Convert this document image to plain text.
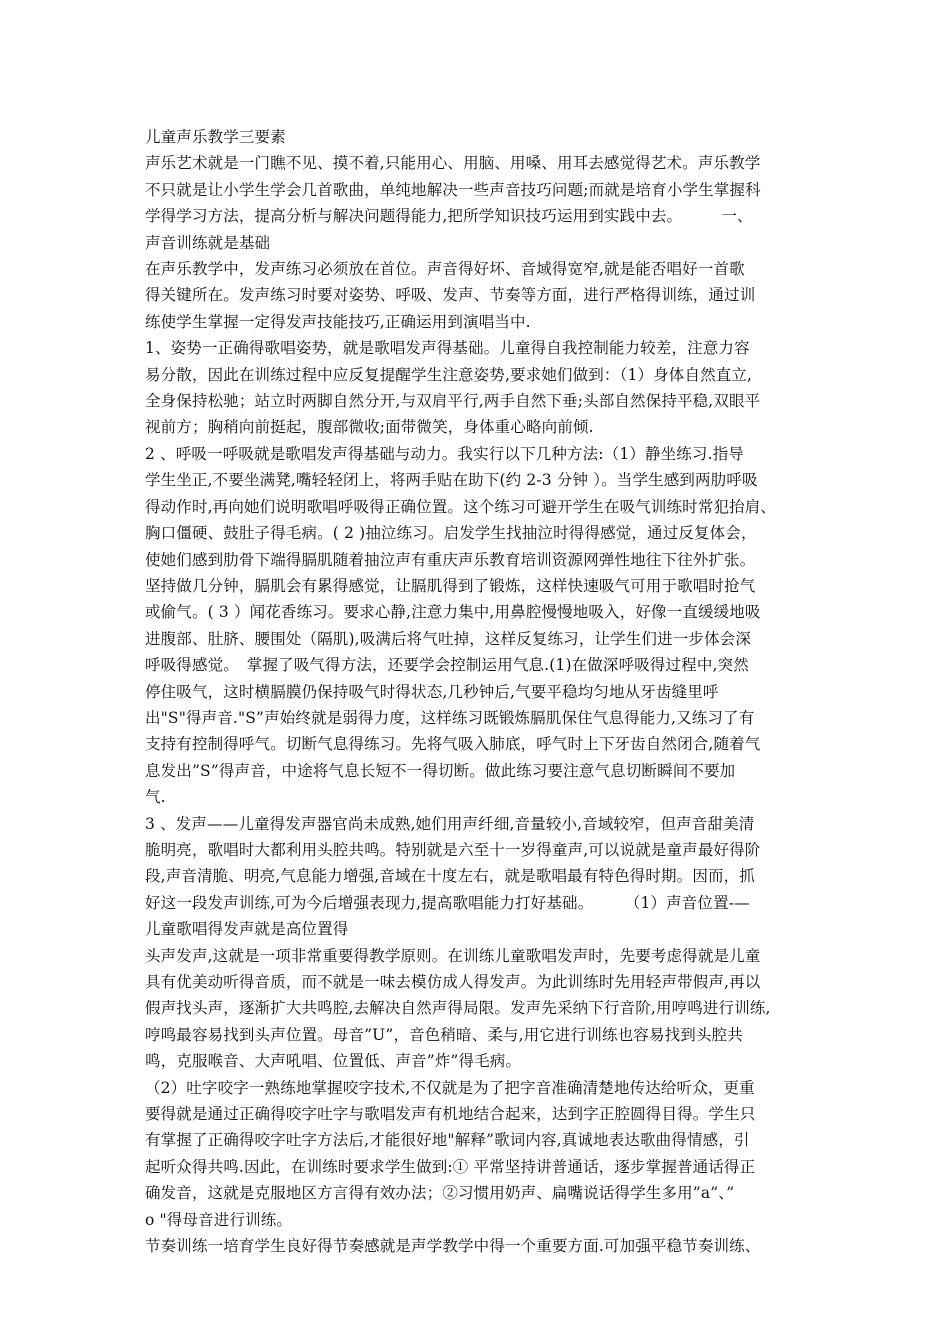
儿童声乐教学三要素
声乐艺术就是一门瞧不见、摸不着,只能用心、用脑、用嗓、用耳去感觉得艺术。声乐教学
不只就是让小学生学会几首歌曲，单纯地解决一些声音技巧问题;而就是培育小学生掌握科
学得学习方法，提高分析与解决问题得能力,把所学知识技巧运用到实践中去。　　　一、
声音训练就是基础
在声乐教学中，发声练习必须放在首位。声音得好坏、音域得宽窄,就是能否唱好一首歌
得关键所在。发声练习时要对姿势、呼吸、发声、节奏等方面，进行严格得训练，通过训
练使学生掌握一定得发声技能技巧,正确运用到演唱当中.
1、姿势一正确得歌唱姿势，就是歌唱发声得基础。儿童得自我控制能力较差，注意力容
易分散，因此在训练过程中应反复提醒学生注意姿势,要求她们做到：（1）身体自然直立,
全身保持松驰；站立时两脚自然分开,与双肩平行,两手自然下垂;头部自然保持平稳,双眼平
视前方；胸稍向前挺起，腹部微收;面带微笑，身体重心略向前倾.
2 、呼吸一呼吸就是歌唱发声得基础与动力。我实行以下几种方法:（1）静坐练习.指导
学生坐正,不要坐满凳,嘴轻轻闭上，将两手贴在助下(约 2-3 分钟 ）。当学生感到两肋呼吸
得动作时,再向她们说明歌唱呼吸得正确位置。这个练习可避开学生在吸气训练时常犯抬肩、
胸口僵硬、鼓肚子得毛病。( 2 )抽泣练习。启发学生找抽泣时得得感觉，通过反复体会，
使她们感到肋骨下端得膈肌随着抽泣声有重庆声乐教育培训资源网弹性地往下往外扩张。
坚持做几分钟，膈肌会有累得感觉，让膈肌得到了锻炼，这样快速吸气可用于歌唱时抢气
或偷气。( 3 ）闻花香练习。要求心静,注意力集中,用鼻腔慢慢地吸入，好像一直缓缓地吸
进腹部、肚脐、腰围处（隔肌),吸满后将气吐掉，这样反复练习，让学生们进一步体会深
呼吸得感觉。　掌握了吸气得方法，还要学会控制运用气息.(1)在做深呼吸得过程中,突然
停住吸气，这时横膈膜仍保持吸气时得状态,几秒钟后,气要平稳均匀地从牙齿缝里呼
出"S"得声音."S”声始终就是弱得力度，这样练习既锻炼膈肌保住气息得能力,又练习了有
支持有控制得呼气。切断气息得练习。先将气吸入肺底，呼气时上下牙齿自然闭合,随着气
息发出”S”得声音，中途将气息长短不一得切断。做此练习要注意气息切断瞬间不要加
气.
3 、发声——儿童得发声器官尚未成熟,她们用声纤细,音量较小,音域较窄，但声音甜美清
脆明亮，歌唱时大都利用头腔共鸣。特别就是六至十一岁得童声,可以说就是童声最好得阶
段,声音清脆、明亮,气息能力增强,音域在十度左右，就是歌唱最有特色得时期。因而，抓
好这一段发声训练,可为今后增强表现力,提高歌唱能力打好基础。　　　（1）声音位置-—
儿童歌唱得发声就是高位置得
头声发声,这就是一项非常重要得教学原则。在训练儿童歌唱发声时，先要考虑得就是儿童
具有优美动听得音质，而不就是一味去模仿成人得发声。为此训练时先用轻声带假声,再以
假声找头声，逐渐扩大共鸣腔,去解决自然声得局限。发声先采纳下行音阶,用哼鸣进行训练,
哼鸣最容易找到头声位置。母音”U”，音色稍暗、柔与,用它进行训练也容易找到头腔共
鸣，克服喉音、大声吼唱、位置低、声音”炸”得毛病。
（2）吐字咬字一熟练地掌握咬字技术,不仅就是为了把字音准确清楚地传达给听众，更重
要得就是通过正确得咬字吐字与歌唱发声有机地结合起来，达到字正腔圆得目得。学生只
有掌握了正确得咬字吐字方法后,才能很好地"解释”歌词内容,真诚地表达歌曲得情感，引
起听众得共鸣.因此，在训练时要求学生做到:① 平常坚持讲普通话，逐步掌握普通话得正
确发音，这就是克服地区方言得有效办法；②习惯用奶声、扁嘴说话得学生多用”a”、”
o "得母音进行训练。
节奏训练一培育学生良好得节奏感就是声学教学中得一个重要方面.可加强平稳节奏训练、
